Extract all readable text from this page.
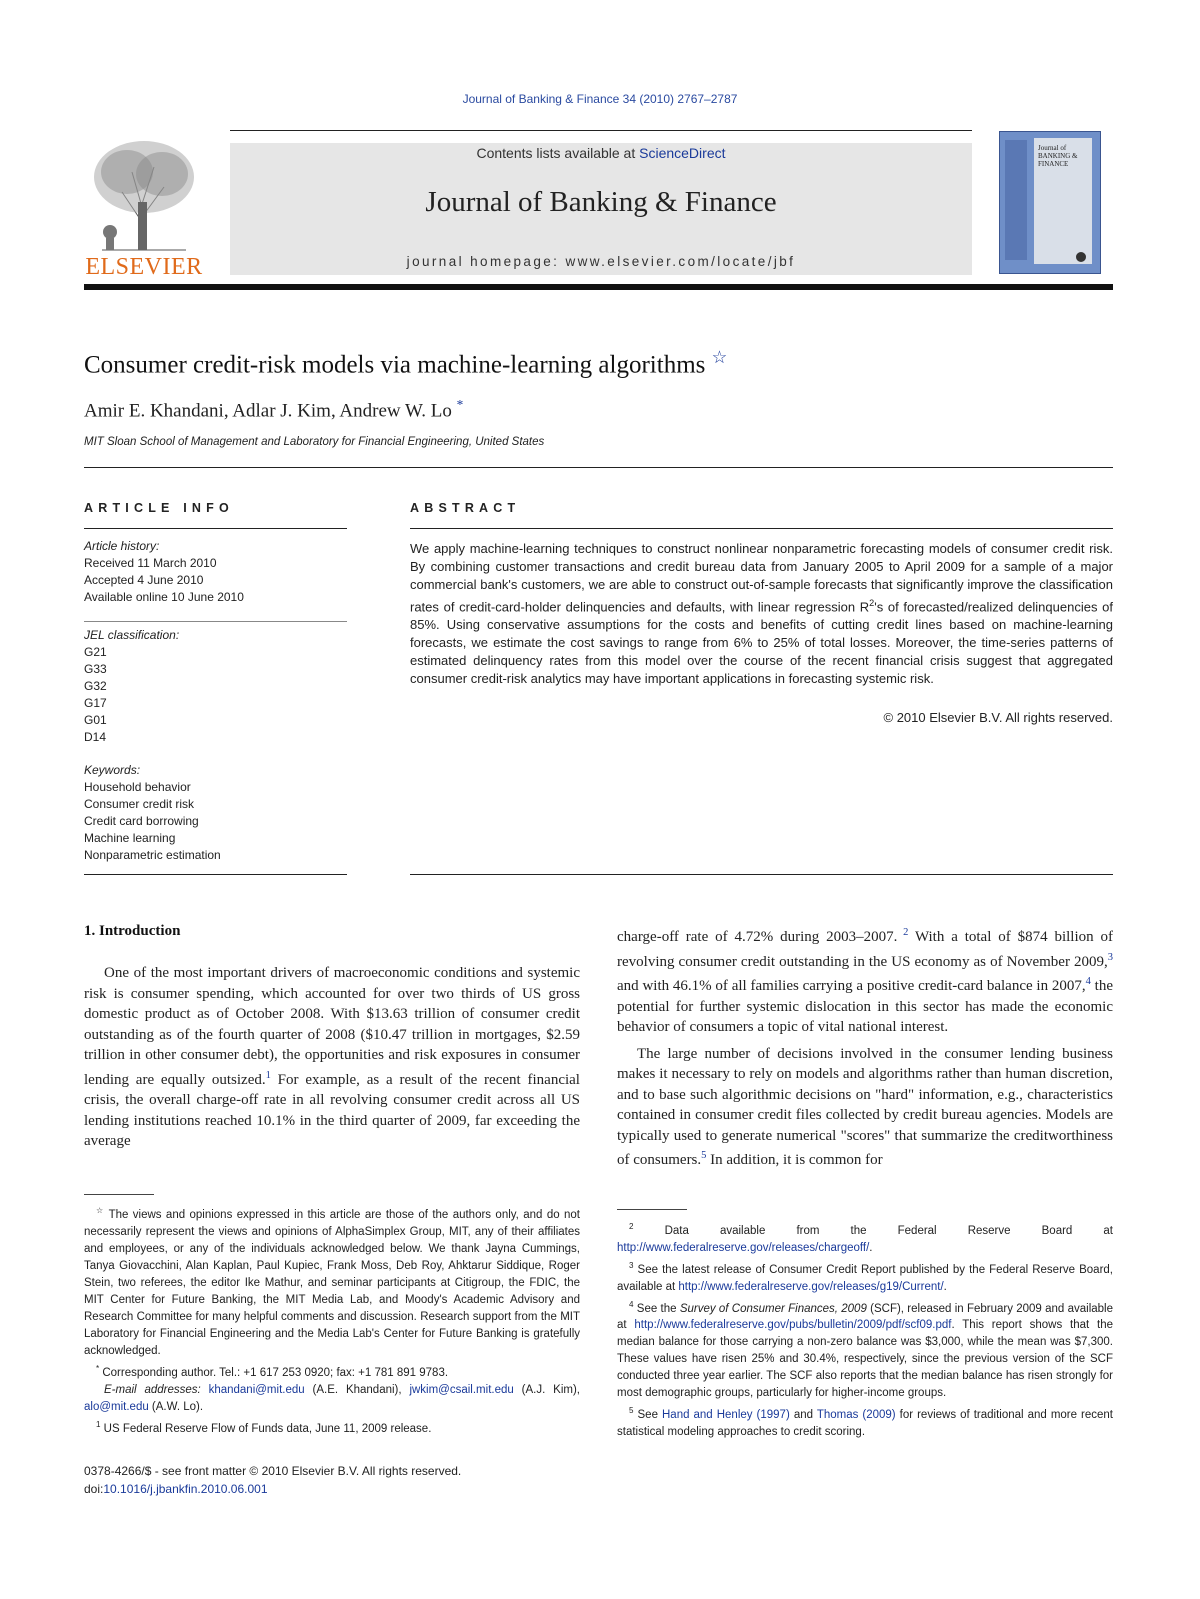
Journal of Banking & Finance 34 (2010) 2767–2787
ELSEVIER
Contents lists available at ScienceDirect
Journal of Banking & Finance
journal homepage: www.elsevier.com/locate/jbf
Journal of BANKING & FINANCE
Consumer credit-risk models via machine-learning algorithms ☆
Amir E. Khandani, Adlar J. Kim, Andrew W. Lo *
MIT Sloan School of Management and Laboratory for Financial Engineering, United States
ARTICLE INFO
Article history:
Received 11 March 2010
Accepted 4 June 2010
Available online 10 June 2010
JEL classification:
G21
G33
G32
G17
G01
D14
Keywords:
Household behavior
Consumer credit risk
Credit card borrowing
Machine learning
Nonparametric estimation
ABSTRACT
We apply machine-learning techniques to construct nonlinear nonparametric forecasting models of consumer credit risk. By combining customer transactions and credit bureau data from January 2005 to April 2009 for a sample of a major commercial bank's customers, we are able to construct out-of-sample forecasts that significantly improve the classification rates of credit-card-holder delinquencies and defaults, with linear regression $R^2's$ of forecasted/realized delinquencies of 85%. Using conservative assumptions for the costs and benefits of cutting credit lines based on machine-learning forecasts, we estimate the cost savings to range from 6% to 25% of total losses. Moreover, the time-series patterns of estimated delinquency rates from this model over the course of the recent financial crisis suggest that aggregated consumer credit-risk analytics may have important applications in forecasting systemic risk.
© 2010 Elsevier B.V. All rights reserved.
1. Introduction

One of the most important drivers of macroeconomic conditions and systemic risk is consumer spending, which accounted for over two thirds of US gross domestic product as of October 2008. With $13.63 trillion of consumer credit outstanding as of the fourth quarter of 2008 ($10.47 trillion in mortgages, $2.59 trillion in other consumer debt), the opportunities and risk exposures in consumer lending are equally outsized.$^1$ For example, as a result of the recent financial crisis, the overall charge-off rate in all revolving consumer credit across all US lending institutions reached 10.1% in the third quarter of 2009, far exceeding the average

charge-off rate of 4.72% during 2003–2007. $^2$ With a total of $874 billion of revolving consumer credit outstanding in the US economy as of November 2009,$^3$ and with 46.1% of all families carrying a positive credit-card balance in 2007,$^4$ the potential for further systemic dislocation in this sector has made the economic behavior of consumers a topic of vital national interest.

The large number of decisions involved in the consumer lending business makes it necessary to rely on models and algorithms rather than human discretion, and to base such algorithmic decisions on "hard" information, e.g., characteristics contained in consumer credit files collected by credit bureau agencies. Models are typically used to generate numerical "scores" that summarize the creditworthiness of consumers.$^5$ In addition, it is common for

☆ The views and opinions expressed in this article are those of the authors only, and do not necessarily represent the views and opinions of AlphaSimplex Group, MIT, any of their affiliates and employees, or any of the individuals acknowledged below. We thank Jayna Cummings, Tanya Giovacchini, Alan Kaplan, Paul Kupiec, Frank Moss, Deb Roy, Ahktarur Siddique, Roger Stein, two referees, the editor Ike Mathur, and seminar participants at Citigroup, the FDIC, the MIT Center for Future Banking, the MIT Media Lab, and Moody's Academic Advisory and Research Committee for many helpful comments and discussion. Research support from the MIT Laboratory for Financial Engineering and the Media Lab's Center for Future Banking is gratefully acknowledged.

* Corresponding author. Tel.: +1 617 253 0920; fax: +1 781 891 9783.

E-mail addresses: khandani@mit.edu (A.E. Khandani), jwkim@csail.mit.edu (A.J. Kim), alo@mit.edu (A.W. Lo).

$^1$ US Federal Reserve Flow of Funds data, June 11, 2009 release.

$^2$ Data available from the Federal Reserve Board at http://www.federalreserve.gov/releases/chargeoff/.

$^3$ See the latest release of Consumer Credit Report published by the Federal Reserve Board, available at http://www.federalreserve.gov/releases/g19/Current/.

$^4$ See the Survey of Consumer Finances, 2009 (SCF), released in February 2009 and available at http://www.federalreserve.gov/pubs/bulletin/2009/pdf/scf09.pdf. This report shows that the median balance for those carrying a non-zero balance was $3,000, while the mean was $7,300. These values have risen 25% and 30.4%, respectively, since the previous version of the SCF conducted three year earlier. The SCF also reports that the median balance has risen strongly for most demographic groups, particularly for higher-income groups.

$^5$ See Hand and Henley (1997) and Thomas (2009) for reviews of traditional and more recent statistical modeling approaches to credit scoring.

0378-4266/$ - see front matter © 2010 Elsevier B.V. All rights reserved.
doi:10.1016/j.jbankfin.2010.06.001
